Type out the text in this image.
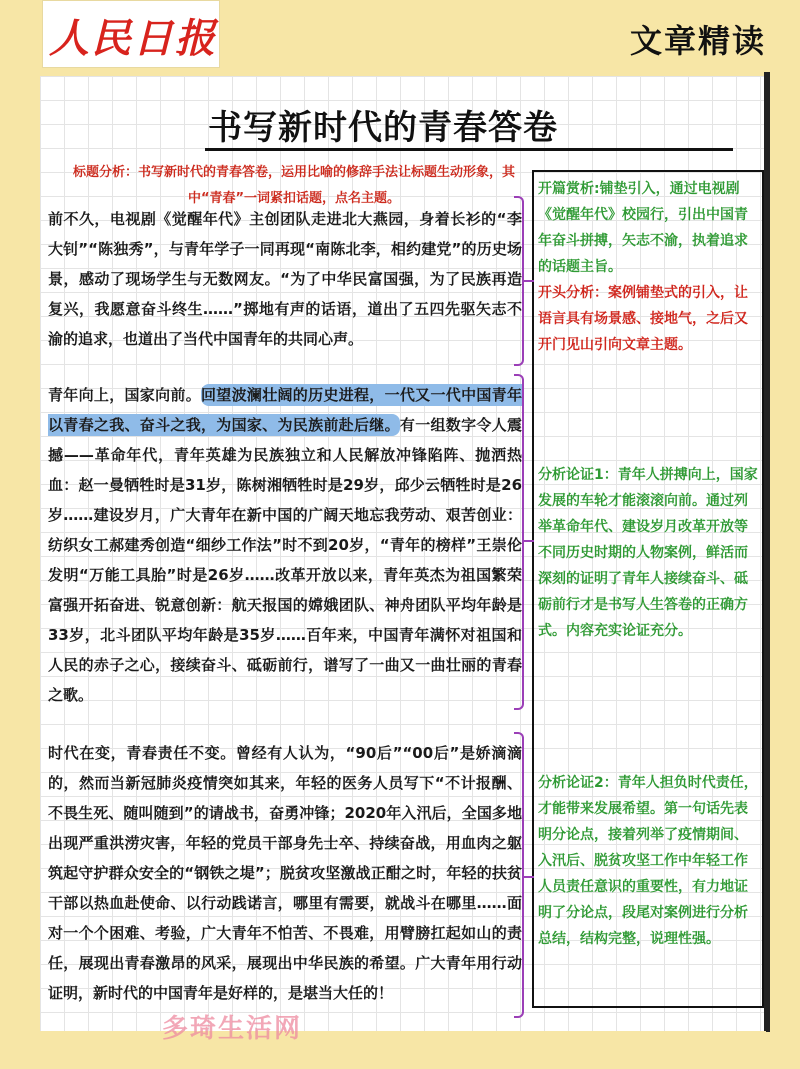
人民日报	文章精读
书写新时代的青春答卷
标题分析：书写新时代的青春答卷，运用比喻的修辞手法让标题生动形象，其中“青春”一词紧扣话题，点名主题。
前不久，电视剧《觉醒年代》主创团队走进北大燕园，身着长衫的“李大钊”“陈独秀”，与青年学子一同再现“南陈北李，相约建党”的历史场景，感动了现场学生与无数网友。“为了中华民富国强，为了民族再造复兴，我愿意奋斗终生……”掷地有声的话语，道出了五四先驱矢志不渝的追求，也道出了当代中国青年的共同心声。
青年向上，国家向前。回望波澜壮阔的历史进程，一代又一代中国青年以青春之我、奋斗之我，为国家、为民族前赴后继。有一组数字令人震撼——革命年代，青年英雄为民族独立和人民解放冲锋陷阵、抛洒热血：赵一曼牺牲时是31岁，陈树湘牺牲时是29岁，邱少云牺牲时是26岁……建设岁月，广大青年在新中国的广阔天地忘我劳动、艰苦创业：纺织女工郝建秀创造“细纱工作法”时不到20岁，“青年的榜样”王崇伦发明“万能工具胎”时是26岁……改革开放以来，青年英杰为祖国繁荣富强开拓奋进、锐意创新：航天报国的嫦娥团队、神舟团队平均年龄是33岁，北斗团队平均年龄是35岁……百年来，中国青年满怀对祖国和人民的赤子之心，接续奋斗、砥砺前行，谱写了一曲又一曲壮丽的青春之歌。
时代在变，青春责任不变。曾经有人认为，“90后”“00后”是娇滴滴的，然而当新冠肺炎疫情突如其来，年轻的医务人员写下“不计报酬、不畏生死、随叫随到”的请战书，奋勇冲锋；2020年入汛后，全国多地出现严重洪涝灾害，年轻的党员干部身先士卒、持续奋战，用血肉之躯筑起守护群众安全的“钢铁之堤”；脱贫攻坚激战正酣之时，年轻的扶贫干部以热血赴使命、以行动践诺言，哪里有需要，就战斗在哪里……面对一个个困难、考验，广大青年不怕苦、不畏难，用臂膀扛起如山的责任，展现出青春激昂的风采，展现出中华民族的希望。广大青年用行动证明，新时代的中国青年是好样的，是堪当大任的！
开篇赏析:铺垫引入，通过电视剧《觉醒年代》校园行，引出中国青年奋斗拼搏，矢志不渝，执着追求的话题主旨。
开头分析：案例铺垫式的引入，让语言具有场景感、接地气，之后又开门见山引向文章主题。
分析论证1：青年人拼搏向上，国家发展的车轮才能滚滚向前。通过列举革命年代、建设岁月改革开放等不同历史时期的人物案例，鲜活而深刻的证明了青年人接续奋斗、砥砺前行才是书写人生答卷的正确方式。内容充实论证充分。
分析论证2：青年人担负时代责任，才能带来发展希望。第一句话先表明分论点，接着列举了疫情期间、入汛后、脱贫攻坚工作中年轻工作人员责任意识的重要性，有力地证明了分论点，段尾对案例进行分析总结，结构完整，说理性强。
多琦生活网
